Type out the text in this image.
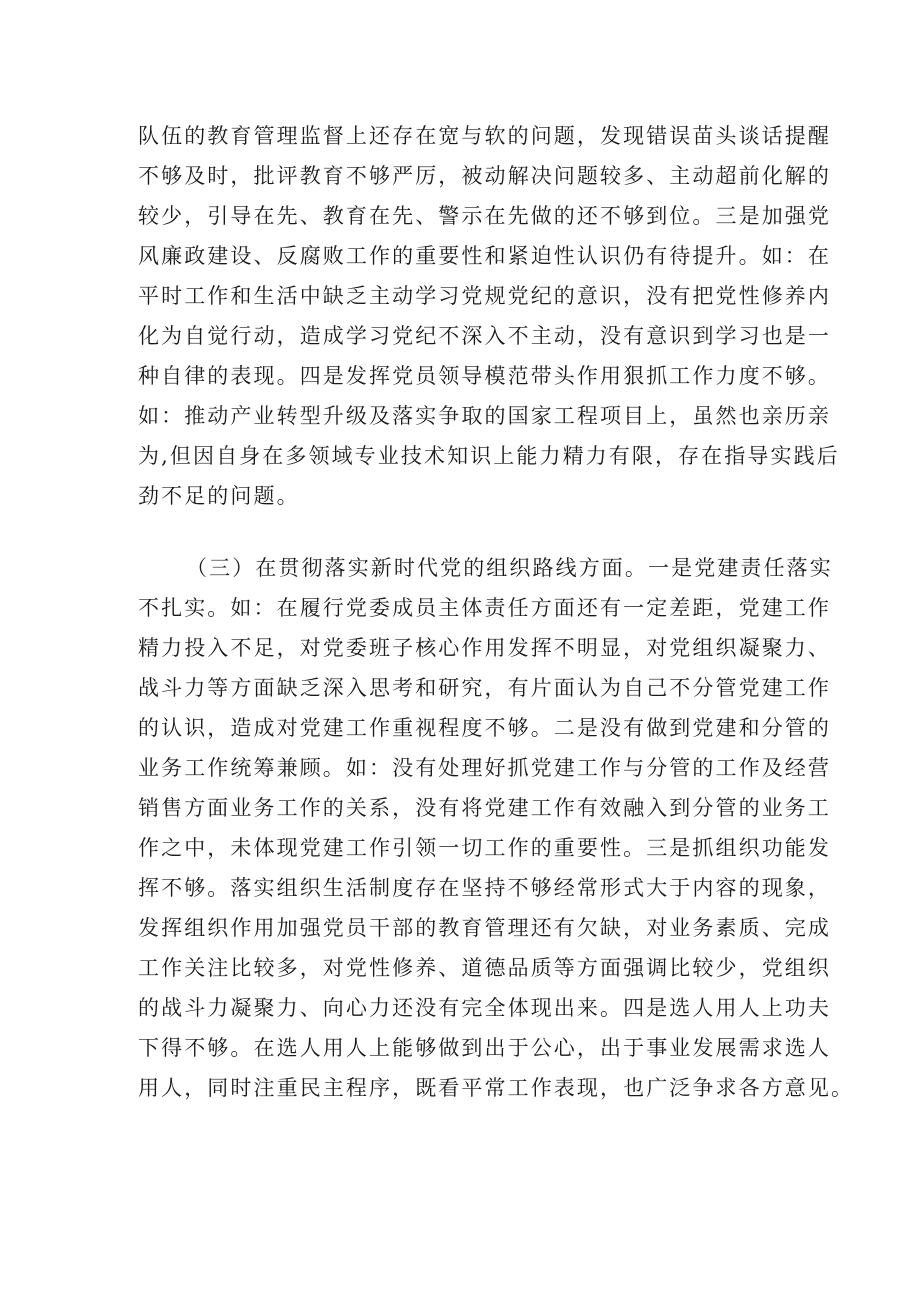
队伍的教育管理监督上还存在宽与软的问题，发现错误苗头谈话提醒
不够及时，批评教育不够严厉，被动解决问题较多、主动超前化解的
较少，引导在先、教育在先、警示在先做的还不够到位。三是加强党
风廉政建设、反腐败工作的重要性和紧迫性认识仍有待提升。如：在
平时工作和生活中缺乏主动学习党规党纪的意识，没有把党性修养内
化为自觉行动，造成学习党纪不深入不主动，没有意识到学习也是一
种自律的表现。四是发挥党员领导模范带头作用狠抓工作力度不够。
如：推动产业转型升级及落实争取的国家工程项目上，虽然也亲历亲
为,但因自身在多领域专业技术知识上能力精力有限，存在指导实践后
劲不足的问题。
（三）在贯彻落实新时代党的组织路线方面。一是党建责任落实
不扎实。如：在履行党委成员主体责任方面还有一定差距，党建工作
精力投入不足，对党委班子核心作用发挥不明显，对党组织凝聚力、
战斗力等方面缺乏深入思考和研究，有片面认为自己不分管党建工作
的认识，造成对党建工作重视程度不够。二是没有做到党建和分管的
业务工作统筹兼顾。如：没有处理好抓党建工作与分管的工作及经营
销售方面业务工作的关系，没有将党建工作有效融入到分管的业务工
作之中，未体现党建工作引领一切工作的重要性。三是抓组织功能发
挥不够。落实组织生活制度存在坚持不够经常形式大于内容的现象，
发挥组织作用加强党员干部的教育管理还有欠缺，对业务素质、完成
工作关注比较多，对党性修养、道德品质等方面强调比较少，党组织
的战斗力凝聚力、向心力还没有完全体现出来。四是选人用人上功夫
下得不够。在选人用人上能够做到出于公心，出于事业发展需求选人
用人，同时注重民主程序，既看平常工作表现，也广泛争求各方意见。
